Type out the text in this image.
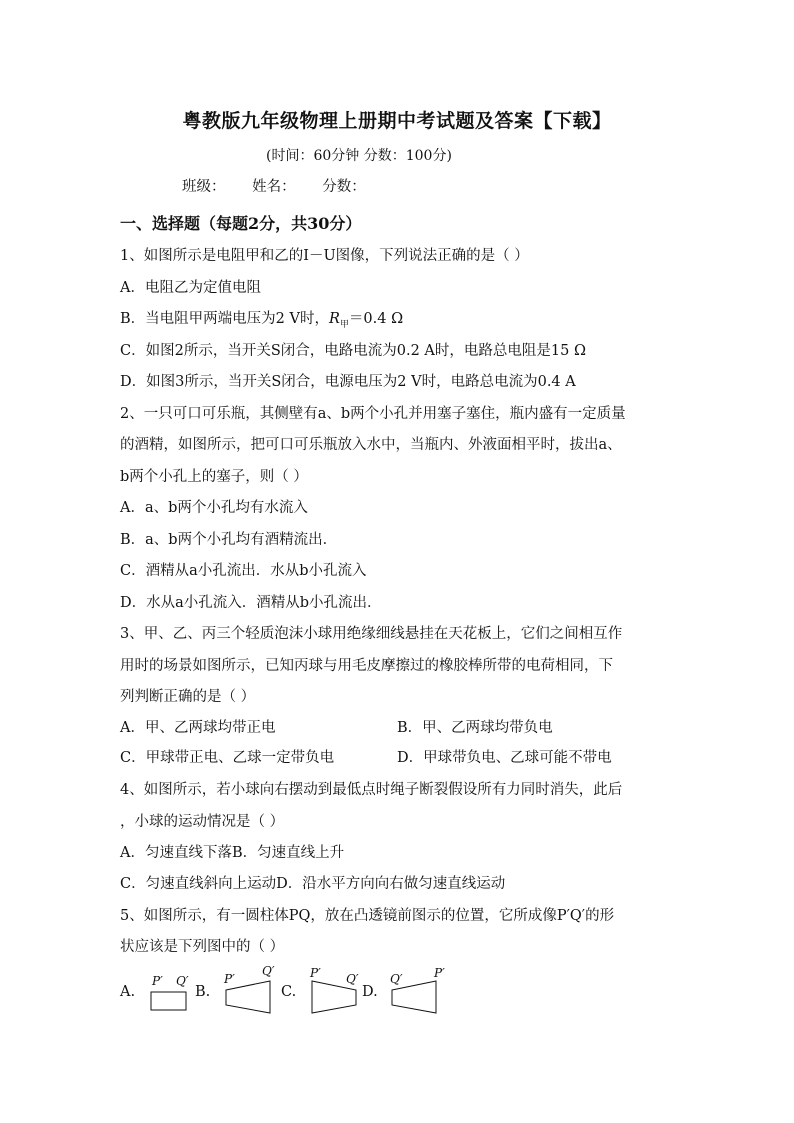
粤教版九年级物理上册期中考试题及答案【下载】
(时间：60分钟 分数：100分)
班级： 姓名： 分数：
一、选择题（每题2分，共30分）
1、如图所示是电阻甲和乙的I－U图像，下列说法正确的是（ ）
A．电阻乙为定值电阻
B．当电阻甲两端电压为2 V时，$R_甲=0.4$ Ω
C．如图2所示，当开关S闭合，电路电流为0.2 A时，电路总电阻是15 Ω
D．如图3所示，当开关S闭合，电源电压为2 V时，电路总电流为0.4 A
2、一只可口可乐瓶，其侧壁有a、b两个小孔并用塞子塞住，瓶内盛有一定质量
的酒精，如图所示，把可口可乐瓶放入水中，当瓶内、外液面相平时，拔出a、
b两个小孔上的塞子，则（ ）
A．a、b两个小孔均有水流入
B．a、b两个小孔均有酒精流出．
C．酒精从a小孔流出．水从b小孔流入
D．水从a小孔流入．酒精从b小孔流出．
3、甲、乙、丙三个轻质泡沫小球用绝缘细线悬挂在天花板上，它们之间相互作
用时的场景如图所示，已知丙球与用毛皮摩擦过的橡胶棒所带的电荷相同，下
列判断正确的是（ ）
A．甲、乙两球均带正电	B．甲、乙两球均带负电
C．甲球带正电、乙球一定带负电	D．甲球带负电、乙球可能不带电
4、如图所示，若小球向右摆动到最低点时绳子断裂假设所有力同时消失，此后
，小球的运动情况是（ ）
A．匀速直线下落B．匀速直线上升
C．匀速直线斜向上运动D．沿水平方向向右做匀速直线运动
5、如图所示，有一圆柱体PQ，放在凸透镜前图示的位置，它所成像P′Q′的形
状应该是下列图中的（ ）
A.
P′ Q′
B.
P′
Q′
C.
P′ Q′
D.
Q′	P′
